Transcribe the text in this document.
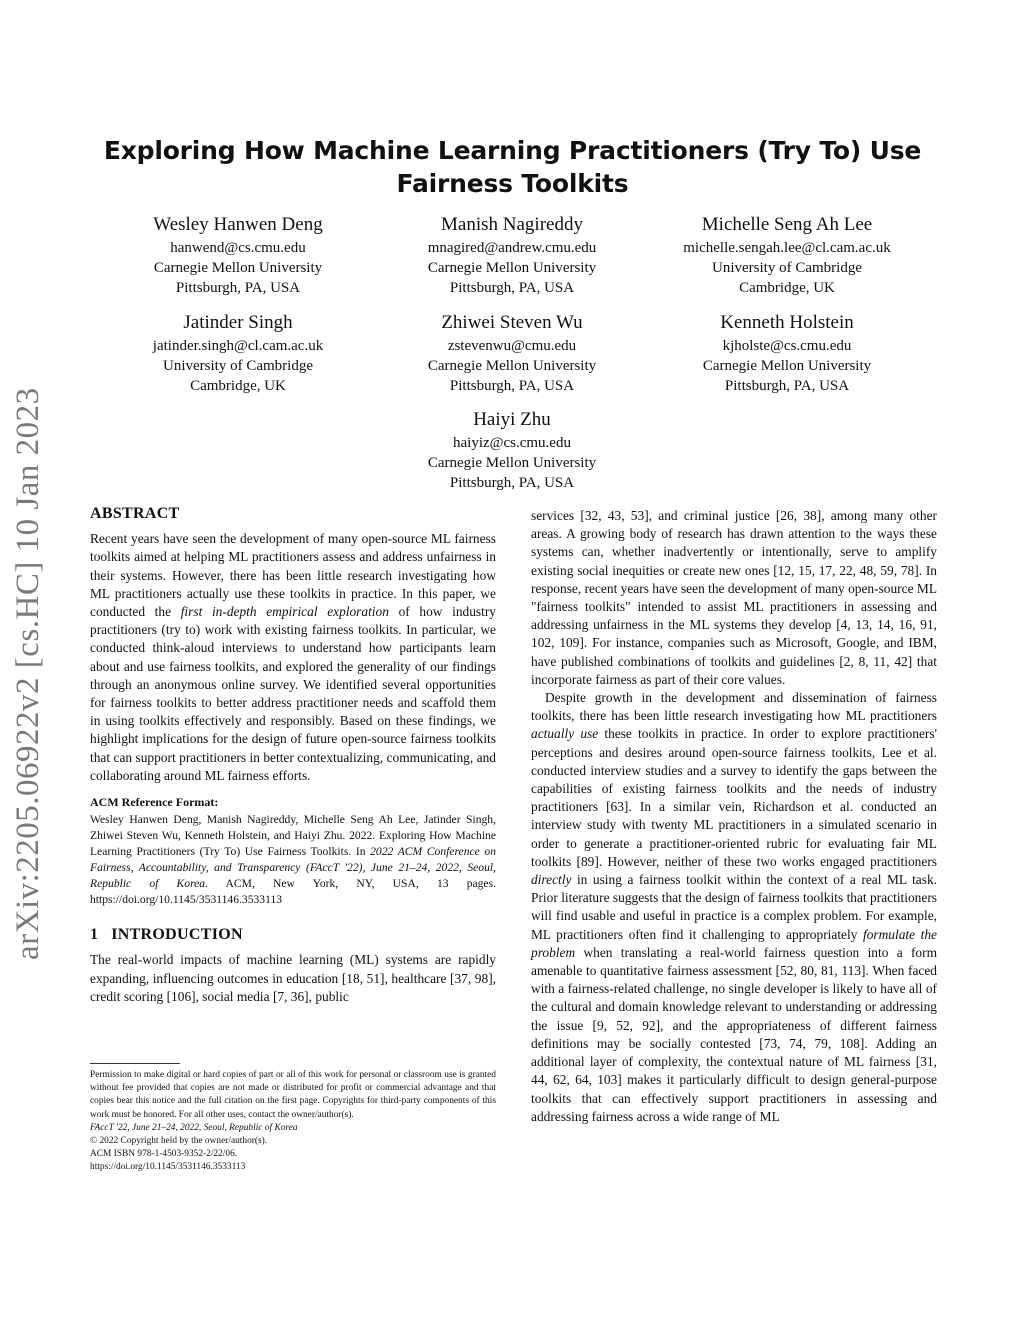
arXiv:2205.06922v2 [cs.HC] 10 Jan 2023
Exploring How Machine Learning Practitioners (Try To) Use Fairness Toolkits
Wesley Hanwen Deng
hanwend@cs.cmu.edu
Carnegie Mellon University
Pittsburgh, PA, USA
Manish Nagireddy
mnagired@andrew.cmu.edu
Carnegie Mellon University
Pittsburgh, PA, USA
Michelle Seng Ah Lee
michelle.sengah.lee@cl.cam.ac.uk
University of Cambridge
Cambridge, UK
Jatinder Singh
jatinder.singh@cl.cam.ac.uk
University of Cambridge
Cambridge, UK
Zhiwei Steven Wu
zstevenwu@cmu.edu
Carnegie Mellon University
Pittsburgh, PA, USA
Kenneth Holstein
kjholste@cs.cmu.edu
Carnegie Mellon University
Pittsburgh, PA, USA
Haiyi Zhu
haiyiz@cs.cmu.edu
Carnegie Mellon University
Pittsburgh, PA, USA
ABSTRACT

Recent years have seen the development of many open-source ML fairness toolkits aimed at helping ML practitioners assess and address unfairness in their systems. However, there has been little research investigating how ML practitioners actually use these toolkits in practice. In this paper, we conducted the first in-depth empirical exploration of how industry practitioners (try to) work with existing fairness toolkits. In particular, we conducted think-aloud interviews to understand how participants learn about and use fairness toolkits, and explored the generality of our findings through an anonymous online survey. We identified several opportunities for fairness toolkits to better address practitioner needs and scaffold them in using toolkits effectively and responsibly. Based on these findings, we highlight implications for the design of future open-source fairness toolkits that can support practitioners in better contextualizing, communicating, and collaborating around ML fairness efforts.

ACM Reference Format:

Wesley Hanwen Deng, Manish Nagireddy, Michelle Seng Ah Lee, Jatinder Singh, Zhiwei Steven Wu, Kenneth Holstein, and Haiyi Zhu. 2022. Exploring How Machine Learning Practitioners (Try To) Use Fairness Toolkits. In 2022 ACM Conference on Fairness, Accountability, and Transparency (FAccT '22), June 21–24, 2022, Seoul, Republic of Korea. ACM, New York, NY, USA, 13 pages. https://doi.org/10.1145/3531146.3533113

1   INTRODUCTION

The real-world impacts of machine learning (ML) systems are rapidly expanding, influencing outcomes in education [18, 51], healthcare [37, 98], credit scoring [106], social media [7, 36], public

Permission to make digital or hard copies of part or all of this work for personal or classroom use is granted without fee provided that copies are not made or distributed for profit or commercial advantage and that copies bear this notice and the full citation on the first page. Copyrights for third-party components of this work must be honored. For all other uses, contact the owner/author(s).
FAccT '22, June 21–24, 2022, Seoul, Republic of Korea
© 2022 Copyright held by the owner/author(s).
ACM ISBN 978-1-4503-9352-2/22/06.
https://doi.org/10.1145/3531146.3533113

services [32, 43, 53], and criminal justice [26, 38], among many other areas. A growing body of research has drawn attention to the ways these systems can, whether inadvertently or intentionally, serve to amplify existing social inequities or create new ones [12, 15, 17, 22, 48, 59, 78]. In response, recent years have seen the development of many open-source ML "fairness toolkits" intended to assist ML practitioners in assessing and addressing unfairness in the ML systems they develop [4, 13, 14, 16, 91, 102, 109]. For instance, companies such as Microsoft, Google, and IBM, have published combinations of toolkits and guidelines [2, 8, 11, 42] that incorporate fairness as part of their core values.

Despite growth in the development and dissemination of fairness toolkits, there has been little research investigating how ML practitioners actually use these toolkits in practice. In order to explore practitioners' perceptions and desires around open-source fairness toolkits, Lee et al. conducted interview studies and a survey to identify the gaps between the capabilities of existing fairness toolkits and the needs of industry practitioners [63]. In a similar vein, Richardson et al. conducted an interview study with twenty ML practitioners in a simulated scenario in order to generate a practitioner-oriented rubric for evaluating fair ML toolkits [89]. However, neither of these two works engaged practitioners directly in using a fairness toolkit within the context of a real ML task. Prior literature suggests that the design of fairness toolkits that practitioners will find usable and useful in practice is a complex problem. For example, ML practitioners often find it challenging to appropriately formulate the problem when translating a real-world fairness question into a form amenable to quantitative fairness assessment [52, 80, 81, 113]. When faced with a fairness-related challenge, no single developer is likely to have all of the cultural and domain knowledge relevant to understanding or addressing the issue [9, 52, 92], and the appropriateness of different fairness definitions may be socially contested [73, 74, 79, 108]. Adding an additional layer of complexity, the contextual nature of ML fairness [31, 44, 62, 64, 103] makes it particularly difficult to design general-purpose toolkits that can effectively support practitioners in assessing and addressing fairness across a wide range of ML
